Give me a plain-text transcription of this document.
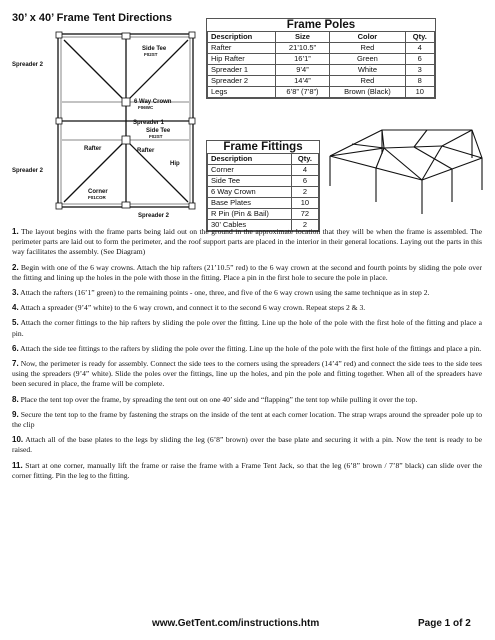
30’ x 40’ Frame Tent Directions
Spreader 2
Side Tee
F02ST
6 Way Crown
F06WC
Rafter
Spreader 1
Side Tee
F02ST
Rafter
Hip
Spreader 2
Corner
F01COR
Spreader 2
Frame Poles
Description	Size	Color	Qty.
Rafter	21’10.5”	Red	4
Hip Rafter	16’1”	Green	6
Spreader 1	9’4”	White	3
Spreader 2	14’4”	Red	8
Legs	6’8” (7’8”)	Brown (Black)	10
Frame Fittings
Description	Qty.
Corner	4
Side Tee	6
6 Way Crown	2
Base Plates	10
R Pin (Pin & Bail)	72
30’ Cables	2

1. The layout begins with the frame parts being laid out on the ground in the approximate location that they will be when the frame is assembled. The perimeter parts are laid out to form the perimeter, and the roof support parts are placed in the interior in their general locations. Laying out the parts in this way facilitates the assembly. (See Diagram)

2. Begin with one of the 6 way crowns. Attach the hip rafters (21’10.5” red) to the 6 way crown at the second and fourth points by sliding the pole over the fitting and lining up the holes in the pole with those in the fitting. Place a pin in the first hole to secure the pole in place.

3. Attach the rafters (16’1” green) to the remaining points - one, three, and five of the 6 way crown using the same technique as in step 2.

4. Attach a spreader (9’4” white) to the 6 way crown, and connect it to the second 6 way crown. Repeat steps 2 & 3.

5. Attach the corner fittings to the hip rafters by sliding the pole over the fitting. Line up the hole of the pole with the first hole of the fitting and place a pin.

6. Attach the side tee fittings to the rafters by sliding the pole over the fitting. Line up the hole of the pole with the first hole of the fittings and place a pin.

7. Now, the perimeter is ready for assembly. Connect the side tees to the corners using the spreaders (14’4” red) and connect the side tees to the side tees using the spreaders (9’4” white). Slide the poles over the fittings, line up the holes, and pin the pole and fitting together. When all of the spreaders have been secured in place, the frame will be complete.

8. Place the tent top over the frame, by spreading the tent out on one 40’ side and “flapping” the tent top while pulling it over the top.

9. Secure the tent top to the frame by fastening the straps on the inside of the tent at each corner location. The strap wraps around the spreader pole up to the clip

10. Attach all of the base plates to the legs by sliding the leg (6’8” brown) over the base plate and securing it with a pin. Now the tent is ready to be raised.

11. Start at one corner, manually lift the frame or raise the frame with a Frame Tent Jack, so that the leg (6’8” brown / 7’8” black) can slide over the corner fitting. Pin the leg to the fitting.

www.GetTent.com/instructions.htm	Page 1 of 2
